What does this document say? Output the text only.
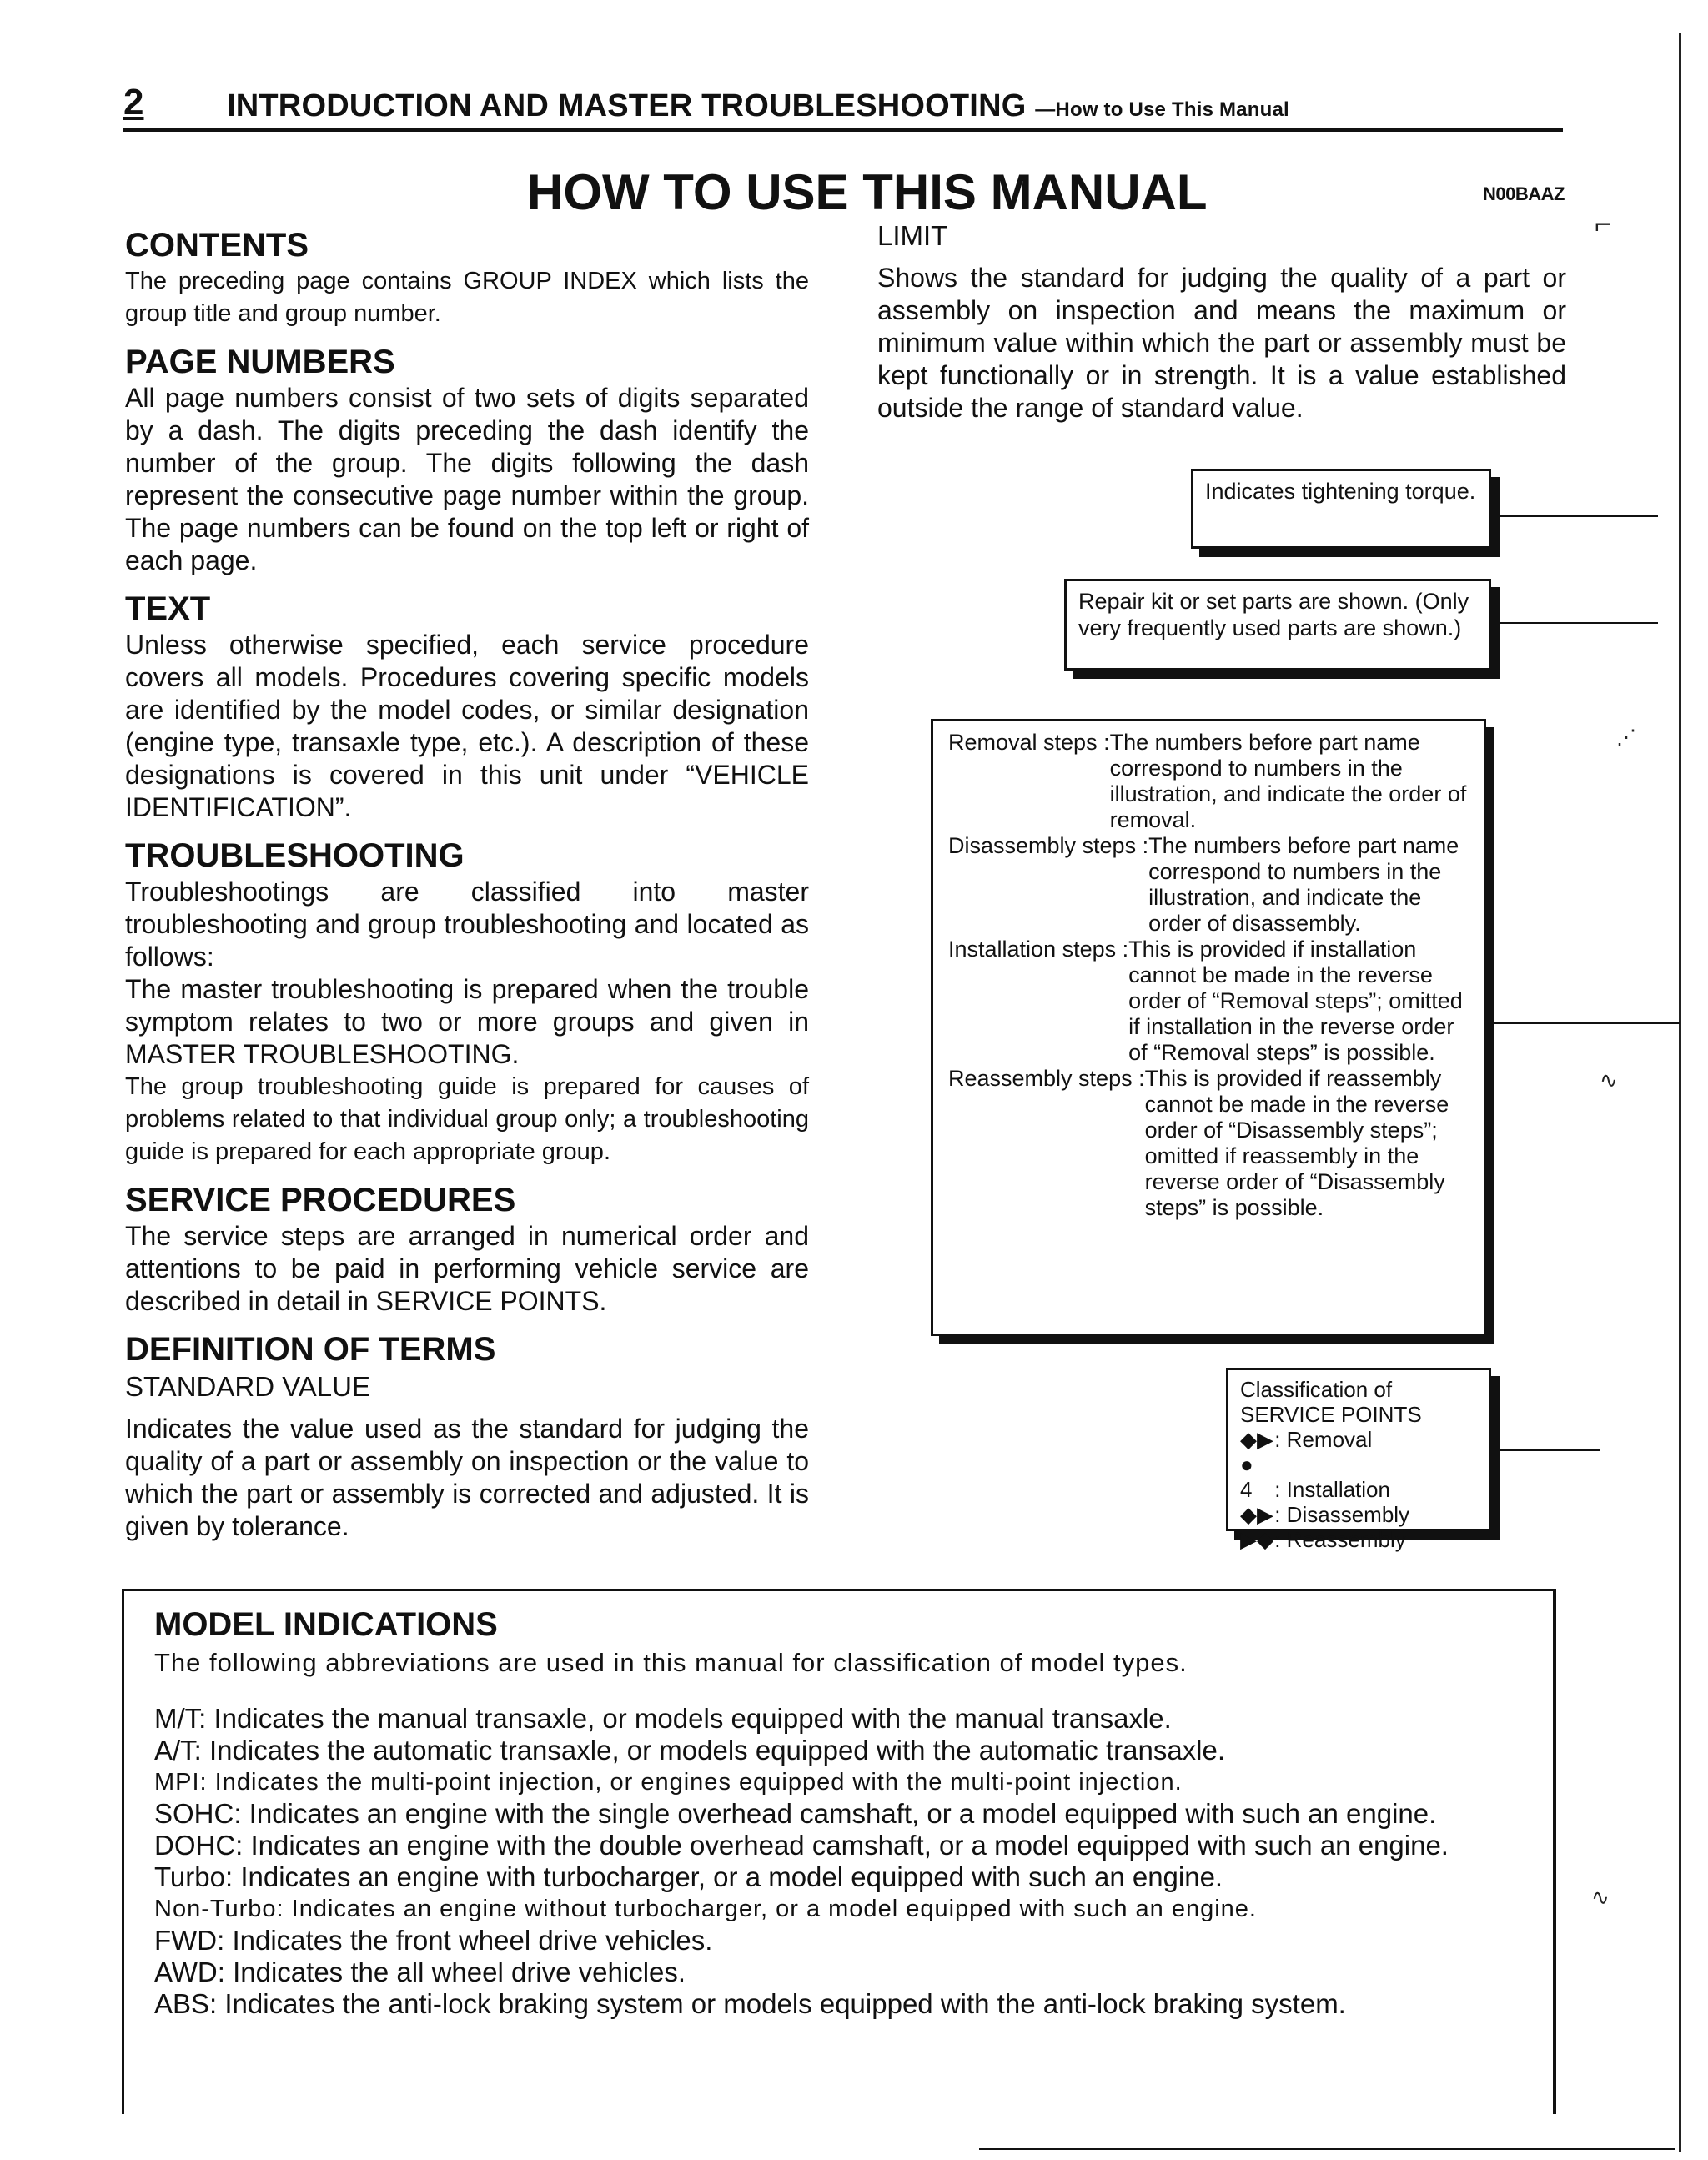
2	INTRODUCTION AND MASTER TROUBLESHOOTING —How to Use This Manual
HOW TO USE THIS MANUAL	N00BAAZ
CONTENTS
The preceding page contains GROUP INDEX which lists the group title and group number.
PAGE NUMBERS
All page numbers consist of two sets of digits separated by a dash. The digits preceding the dash identify the number of the group. The digits following the dash represent the consecutive page number within the group. The page numbers can be found on the top left or right of each page.
TEXT
Unless otherwise specified, each service procedure covers all models. Procedures covering specific models are identified by the model codes, or similar designation (engine type, transaxle type, etc.). A description of these designations is covered in this unit under “VEHICLE IDENTIFICATION”.
TROUBLESHOOTING
Troubleshootings are classified into master troubleshooting and group troubleshooting and located as follows:
The master troubleshooting is prepared when the trouble symptom relates to two or more groups and given in MASTER TROUBLESHOOTING.
The group troubleshooting guide is prepared for causes of problems related to that individual group only; a troubleshooting guide is prepared for each appropriate group.
SERVICE PROCEDURES
The service steps are arranged in numerical order and attentions to be paid in performing vehicle service are described in detail in SERVICE POINTS.
DEFINITION OF TERMS
STANDARD VALUE
Indicates the value used as the standard for judging the quality of a part or assembly on inspection or the value to which the part or assembly is corrected and adjusted. It is given by tolerance.
LIMIT
Shows the standard for judging the quality of a part or assembly on inspection and means the maximum or minimum value within which the part or assembly must be kept functionally or in strength. It is a value established outside the range of standard value.
Indicates tightening torque.
Repair kit or set parts are shown. (Only very frequently used parts are shown.)
Removal steps : The numbers before part name correspond to numbers in the illustration, and indicate the order of removal.
Disassembly steps : The numbers before part name correspond to numbers in the illustration, and indicate the order of disassembly.
Installation steps : This is provided if installation cannot be made in the reverse order of “Removal steps”; omitted if installation in the reverse order of “Removal steps” is possible.
Reassembly steps : This is provided if reassembly cannot be made in the reverse order of “Disassembly steps”; omitted if reassembly in the reverse order of “Disassembly steps” is possible.
Classification of SERVICE POINTS
◆▶ : Removal
● 4 : Installation
◆▶ : Disassembly
▶◆ : Reassembly
MODEL INDICATIONS
The following abbreviations are used in this manual for classification of model types.
M/T: Indicates the manual transaxle, or models equipped with the manual transaxle.
A/T: Indicates the automatic transaxle, or models equipped with the automatic transaxle.
MPI: Indicates the multi-point injection, or engines equipped with the multi-point injection.
SOHC: Indicates an engine with the single overhead camshaft, or a model equipped with such an engine.
DOHC: Indicates an engine with the double overhead camshaft, or a model equipped with such an engine.
Turbo: Indicates an engine with turbocharger, or a model equipped with such an engine.
Non-Turbo: Indicates an engine without turbocharger, or a model equipped with such an engine.
FWD: Indicates the front wheel drive vehicles.
AWD: Indicates the all wheel drive vehicles.
ABS: Indicates the anti-lock braking system or models equipped with the anti-lock braking system.
⌐
⋰
∿
∿
